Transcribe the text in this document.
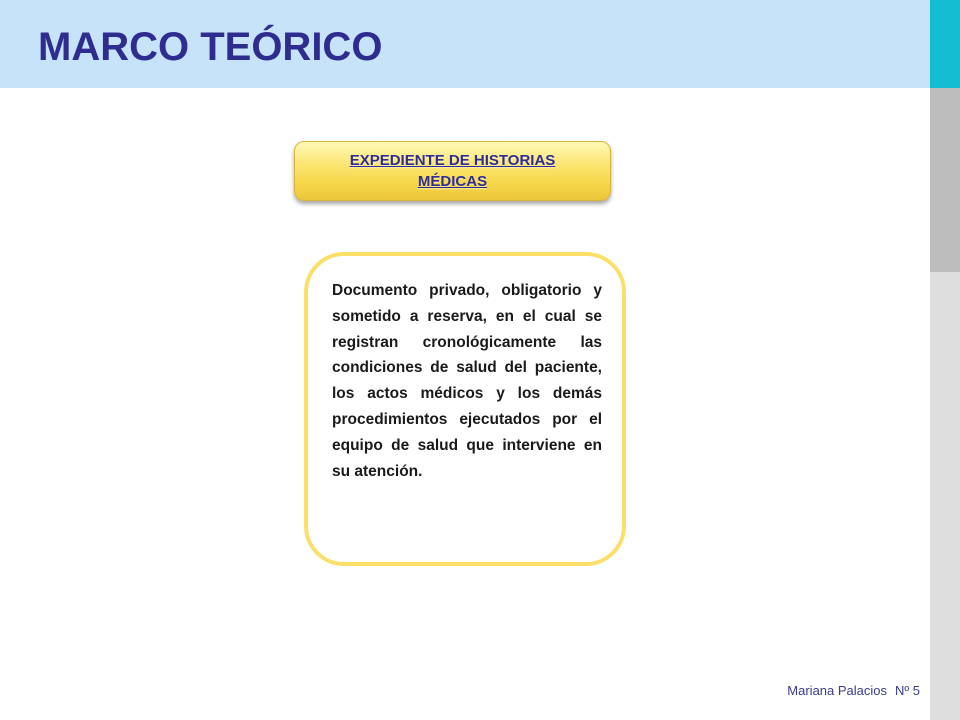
MARCO TEÓRICO
EXPEDIENTE DE HISTORIAS MÉDICAS

Documento privado, obligatorio y sometido a reserva, en el cual se registran cronológicamente las condiciones de salud del paciente, los actos médicos y los demás procedimientos ejecutados por el equipo de salud que interviene en su atención.

Mariana Palacios Nº 5
